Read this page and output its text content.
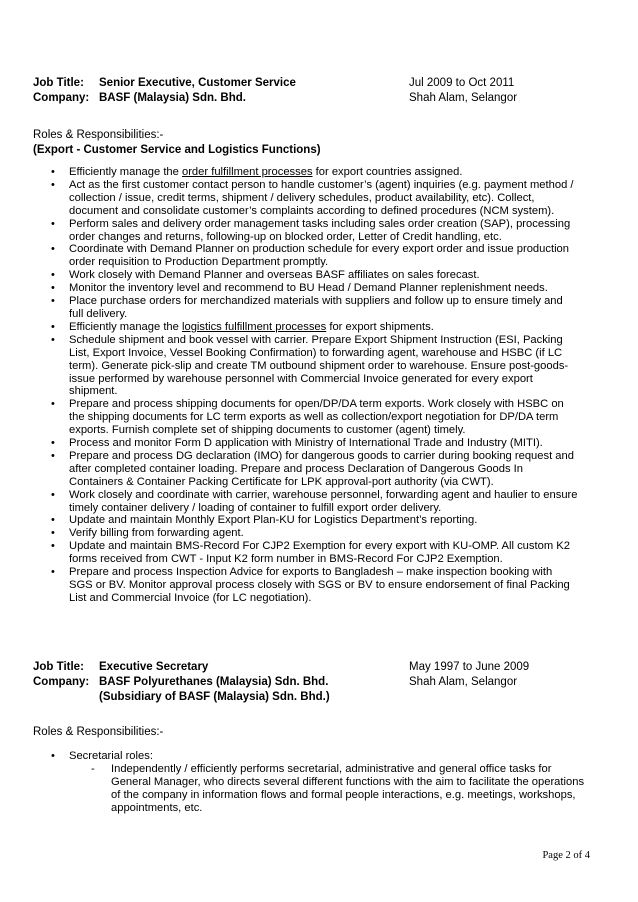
Job Title: Senior Executive, Customer Service	Jul 2009 to Oct 2011
Company: BASF (Malaysia) Sdn. Bhd.	Shah Alam, Selangor
Roles & Responsibilities:-
(Export - Customer Service and Logistics Functions)
• Efficiently manage the order fulfillment processes for export countries assigned.
• Act as the first customer contact person to handle customer’s (agent) inquiries (e.g. payment method / collection / issue, credit terms, shipment / delivery schedules, product availability, etc). Collect, document and consolidate customer’s complaints according to defined procedures (NCM system).
• Perform sales and delivery order management tasks including sales order creation (SAP), processing order changes and returns, following-up on blocked order, Letter of Credit handling, etc.
• Coordinate with Demand Planner on production schedule for every export order and issue production order requisition to Production Department promptly.
• Work closely with Demand Planner and overseas BASF affiliates on sales forecast.
• Monitor the inventory level and recommend to BU Head / Demand Planner replenishment needs.
• Place purchase orders for merchandized materials with suppliers and follow up to ensure timely and full delivery.
• Efficiently manage the logistics fulfillment processes for export shipments.
• Schedule shipment and book vessel with carrier. Prepare Export Shipment Instruction (ESI, Packing List, Export Invoice, Vessel Booking Confirmation) to forwarding agent, warehouse and HSBC (if LC term). Generate pick-slip and create TM outbound shipment order to warehouse. Ensure post-goods-issue performed by warehouse personnel with Commercial Invoice generated for every export shipment.
• Prepare and process shipping documents for open/DP/DA term exports. Work closely with HSBC on the shipping documents for LC term exports as well as collection/export negotiation for DP/DA term exports. Furnish complete set of shipping documents to customer (agent) timely.
• Process and monitor Form D application with Ministry of International Trade and Industry (MITI).
• Prepare and process DG declaration (IMO) for dangerous goods to carrier during booking request and after completed container loading. Prepare and process Declaration of Dangerous Goods In Containers & Container Packing Certificate for LPK approval-port authority (via CWT).
• Work closely and coordinate with carrier, warehouse personnel, forwarding agent and haulier to ensure timely container delivery / loading of container to fulfill export order delivery.
• Update and maintain Monthly Export Plan-KU for Logistics Department’s reporting.
• Verify billing from forwarding agent.
• Update and maintain BMS-Record For CJP2 Exemption for every export with KU-OMP. All custom K2 forms received from CWT - Input K2 form number in BMS-Record For CJP2 Exemption.
• Prepare and process Inspection Advice for exports to Bangladesh – make inspection booking with SGS or BV. Monitor approval process closely with SGS or BV to ensure endorsement of final Packing List and Commercial Invoice (for LC negotiation).
Job Title: Executive Secretary	May 1997 to June 2009
Company: BASF Polyurethanes (Malaysia) Sdn. Bhd.	Shah Alam, Selangor
(Subsidiary of BASF (Malaysia) Sdn. Bhd.)
Roles & Responsibilities:-
• Secretarial roles:
- Independently / efficiently performs secretarial, administrative and general office tasks for General Manager, who directs several different functions with the aim to facilitate the operations of the company in information flows and formal people interactions, e.g. meetings, workshops, appointments, etc.
Page 2 of 4
